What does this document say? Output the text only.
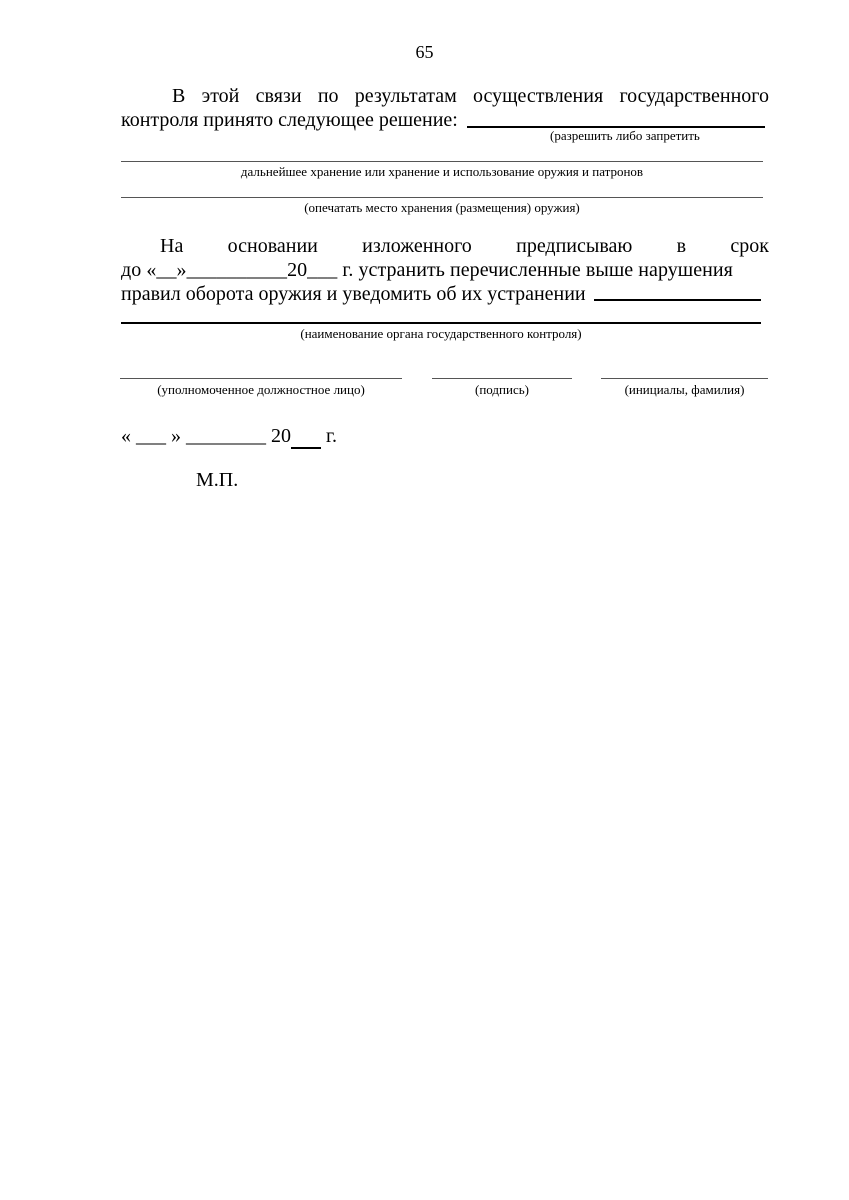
65
В этой связи по результатам осуществления государственного
контроля принято следующее решение:
(разрешить либо запретить
дальнейшее хранение или хранение и использование оружия и патронов
(опечатать место хранения (размещения) оружия)
На основании изложенного предписываю в срок
до «__»__________20___ г. устранить перечисленные выше нарушения
правил оборота оружия и уведомить об их устранении
(наименование органа государственного контроля)
(уполномоченное должностное лицо)	(подпись)	(инициалы, фамилия)
« ___ » ________ 20 г.
М.П.
